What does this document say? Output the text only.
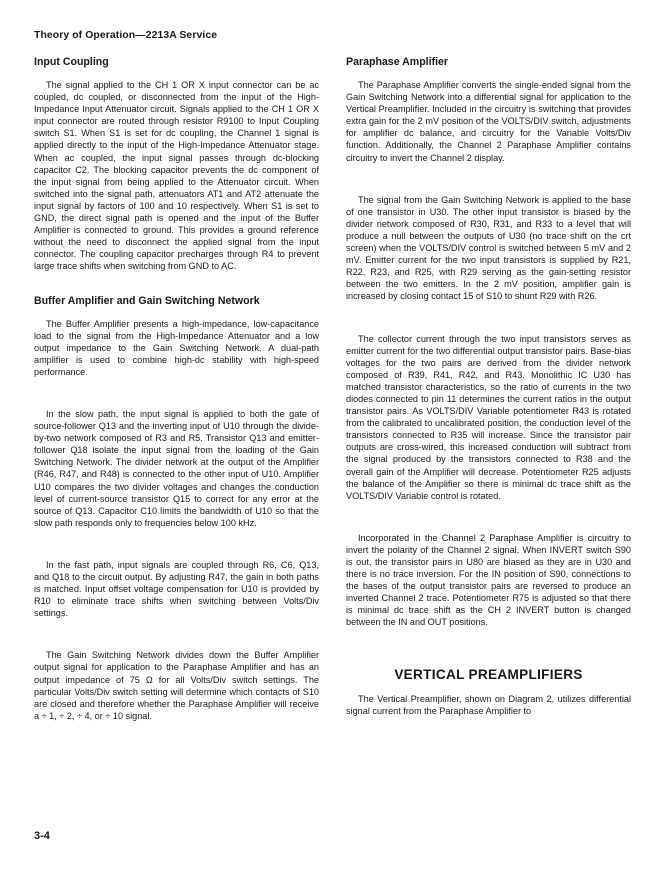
Theory of Operation—2213A Service
Input Coupling

The signal applied to the CH 1 OR X input connector can be ac coupled, dc coupled, or disconnected from the input of the High-Impedance Input Attenuator circuit. Signals applied to the CH 1 OR X input connector are routed through resistor R9100 to Input Coupling switch S1. When S1 is set for dc coupling, the Channel 1 signal is applied directly to the input of the High-Impedance Attenuator stage. When ac coupled, the input signal passes through dc-blocking capacitor C2. The blocking capacitor prevents the dc component of the input signal from being applied to the Attenuator circuit. When switched into the signal path, attenuators AT1 and AT2 attenuate the input signal by factors of 100 and 10 respectively. When S1 is set to GND, the direct signal path is opened and the input of the Buffer Amplifier is connected to ground. This provides a ground reference without the need to disconnect the applied signal from the input connector. The coupling capacitor precharges through R4 to prevent large trace shifts when switching from GND to AC.

Buffer Amplifier and Gain Switching Network

The Buffer Amplifier presents a high-impedance, low-capacitance load to the signal from the High-Impedance Attenuator and a low output impedance to the Gain Switching Network. A dual-path amplifier is used to combine high-dc stability with high-speed performance.

In the slow path, the input signal is applied to both the gate of source-follower Q13 and the inverting input of U10 through the divide-by-two network composed of R3 and R5. Transistor Q13 and emitter-follower Q18 isolate the input signal from the loading of the Gain Switching Network. The divider network at the output of the Amplifier (R46, R47, and R48) is connected to the other input of U10. Amplifier U10 compares the two divider voltages and changes the conduction level of current-source transistor Q15 to correct for any error at the source of Q13. Capacitor C10 limits the bandwidth of U10 so that the slow path responds only to frequencies below 100 kHz.

In the fast path, input signals are coupled through R6, C6, Q13, and Q18 to the circuit output. By adjusting R47, the gain in both paths is matched. Input offset voltage compensation for U10 is provided by R10 to eliminate trace shifts when switching between Volts/Div settings.

The Gain Switching Network divides down the Buffer Amplifier output signal for application to the Paraphase Amplifier and has an output impedance of 75 Ω for all Volts/Div switch settings. The particular Volts/Div switch setting will determine which contacts of S10 are closed and therefore whether the Paraphase Amplifier will receive a ÷ 1, ÷ 2, ÷ 4, or ÷ 10 signal.

Paraphase Amplifier

The Paraphase Amplifier converts the single-ended signal from the Gain Switching Network into a differential signal for application to the Vertical Preamplifier. Included in the circuitry is switching that provides extra gain for the 2 mV position of the VOLTS/DIV switch, adjustments for amplifier dc balance, and circuitry for the Variable Volts/Div function. Additionally, the Channel 2 Paraphase Amplifier contains circuitry to invert the Channel 2 display.

The signal from the Gain Switching Network is applied to the base of one transistor in U30. The other input transistor is biased by the divider network composed of R30, R31, and R33 to a level that will produce a null between the outputs of U30 (no trace shift on the crt screen) when the VOLTS/DIV control is switched between 5 mV and 2 mV. Emitter current for the two input transistors is supplied by R21, R22, R23, and R25, with R29 serving as the gain-setting resistor between the two emitters. In the 2 mV position, amplifier gain is increased by closing contact 15 of S10 to shunt R29 with R26.

The collector current through the two input transistors serves as emitter current for the two differential output transistor pairs. Base-bias voltages for the two pairs are derived from the divider network composed of R39, R41, R42, and R43. Monolithic IC U30 has matched transistor characteristics, so the ratio of currents in the two diodes connected to pin 11 determines the current ratios in the output transistor pairs. As VOLTS/DIV Variable potentiometer R43 is rotated from the calibrated to uncalibrated position, the conduction level of the transistors connected to R35 will increase. Since the transistor pair outputs are cross-wired, this increased conduction will subtract from the signal produced by the transistors connected to R38 and the overall gain of the Amplifier will decrease. Potentiometer R25 adjusts the balance of the Amplifier so there is minimal dc trace shift as the VOLTS/DIV Variable control is rotated.

Incorporated in the Channel 2 Paraphase Amplifier is circuitry to invert the polarity of the Channel 2 signal. When INVERT switch S90 is out, the transistor pairs in U80 are biased as they are in U30 and there is no trace inversion. For the IN position of S90, connections to the bases of the output transistor pairs are reversed to produce an inverted Channel 2 trace. Potentiometer R75 is adjusted so that there is minimal dc trace shift as the CH 2 INVERT button is changed between the IN and OUT positions.

VERTICAL PREAMPLIFIERS

The Vertical Preamplifier, shown on Diagram 2, utilizes differential signal current from the Paraphase Amplifier to

3-4
